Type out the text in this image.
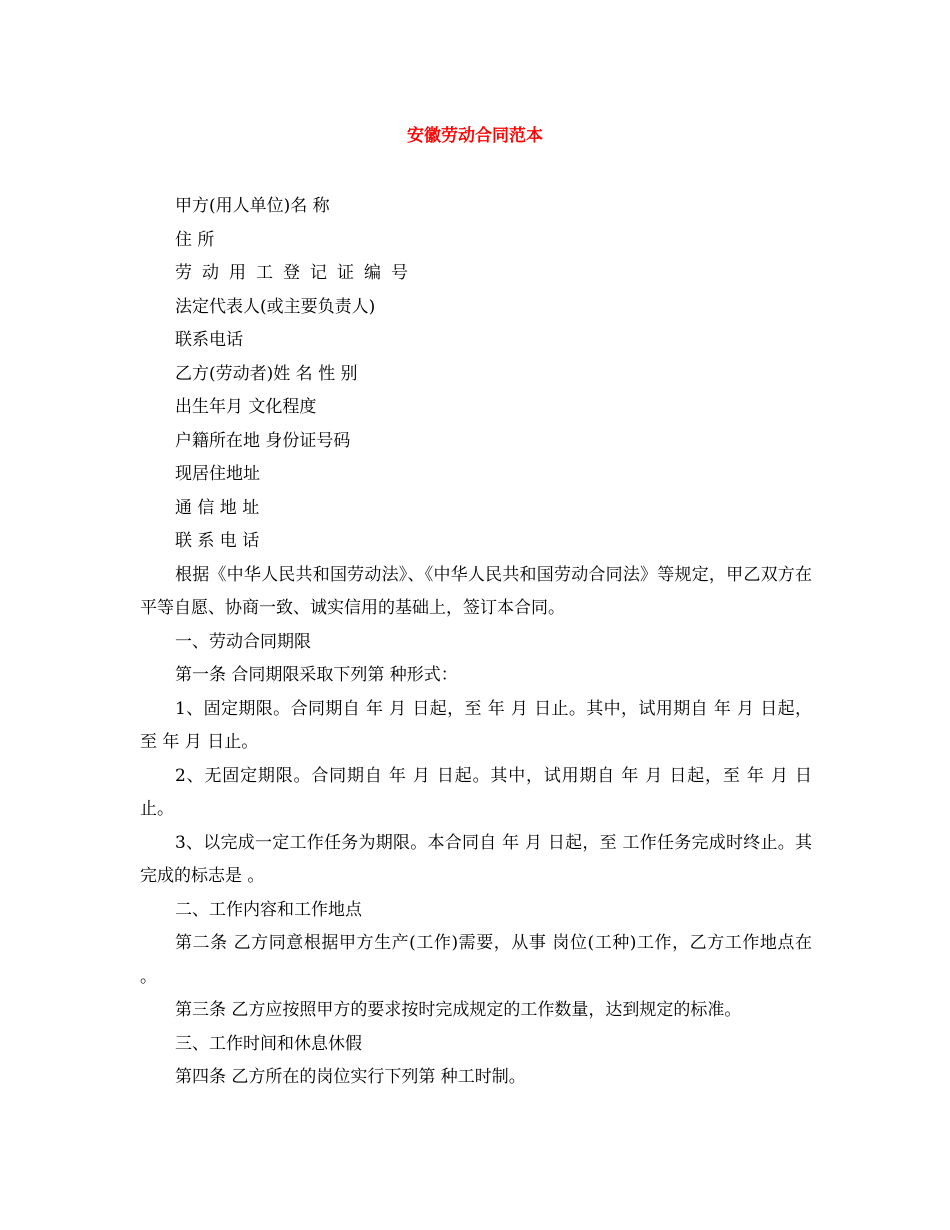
安徽劳动合同范本
甲方(用人单位)名 称
住 所
劳动用工登记证编号
法定代表人(或主要负责人)
联系电话
乙方(劳动者)姓 名 性 别
出生年月 文化程度
户籍所在地 身份证号码
现居住地址
通 信 地 址
联 系 电 话
根据《中华人民共和国劳动法》、《中华人民共和国劳动合同法》等规定，甲乙双方在平等自愿、协商一致、诚实信用的基础上，签订本合同。
一、劳动合同期限
第一条 合同期限采取下列第 种形式：
1、固定期限。合同期自 年 月 日起，至 年 月 日止。其中，试用期自 年 月 日起，至 年 月 日止。
2、无固定期限。合同期自 年 月 日起。其中，试用期自 年 月 日起，至 年 月 日止。
3、以完成一定工作任务为期限。本合同自 年 月 日起，至 工作任务完成时终止。其完成的标志是 。
二、工作内容和工作地点
第二条 乙方同意根据甲方生产(工作)需要，从事 岗位(工种)工作，乙方工作地点在 。
第三条 乙方应按照甲方的要求按时完成规定的工作数量，达到规定的标准。
三、工作时间和休息休假
第四条 乙方所在的岗位实行下列第 种工时制。
